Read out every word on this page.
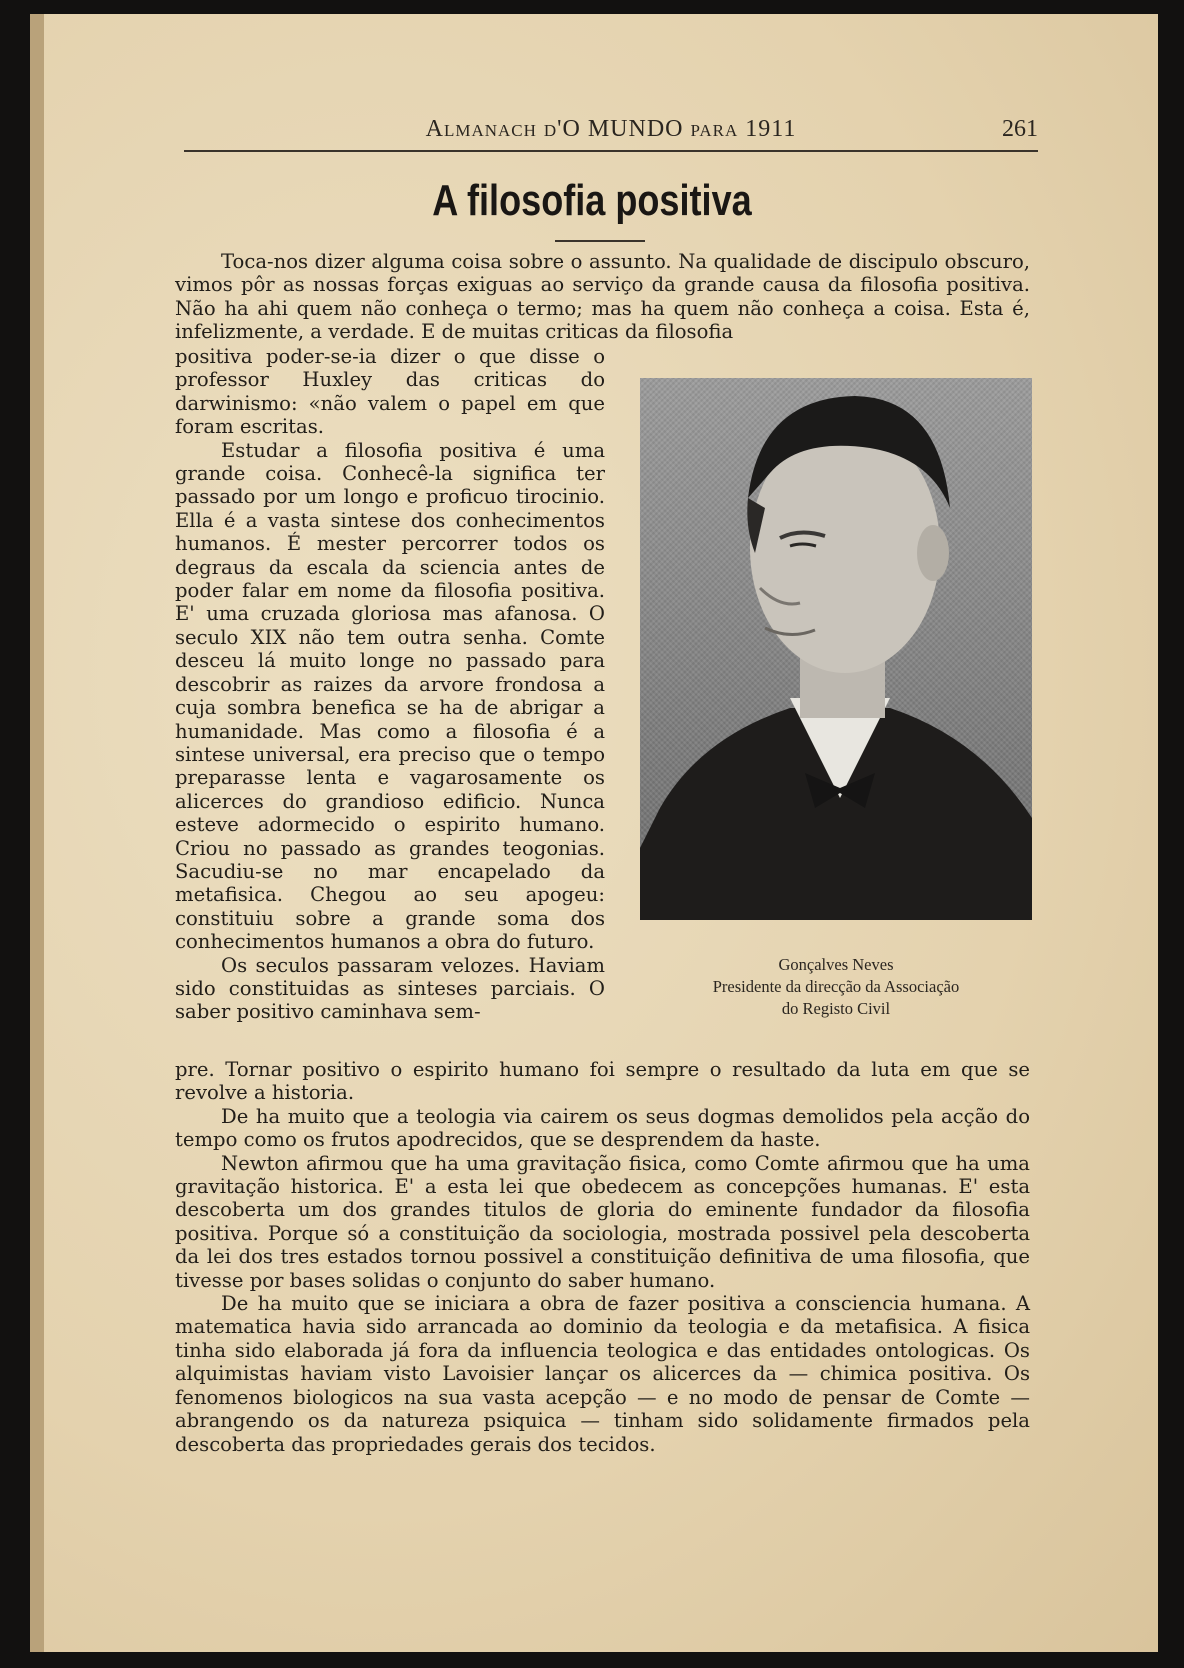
Almanach d'O MUNDO para 1911	261
A filosofia positiva

Toca-nos dizer alguma coisa sobre o assunto. Na qualidade de discipulo obscuro, vimos pôr as nossas forças exiguas ao serviço da grande causa da filosofia positiva. Não ha ahi quem não conheça o termo; mas ha quem não conheça a coisa. Esta é, infelizmente, a verdade. E de muitas criticas da filosofia

positiva poder-se-ia dizer o que disse o professor Huxley das criticas do darwinismo: «não valem o papel em que foram escritas.

Estudar a filosofia positiva é uma grande coisa. Conhecê-la significa ter passado por um longo e proficuo tirocinio. Ella é a vasta sintese dos conhecimentos humanos. É mester percorrer todos os degraus da escala da sciencia antes de poder falar em nome da filosofia positiva. E' uma cruzada gloriosa mas afanosa. O seculo XIX não tem outra senha. Comte desceu lá muito longe no passado para descobrir as raizes da arvore frondosa a cuja sombra benefica se ha de abrigar a humanidade. Mas como a filosofia é a sintese universal, era preciso que o tempo preparasse lenta e vagarosamente os alicerces do grandioso edificio. Nunca esteve adormecido o espirito humano. Criou no passado as grandes teogonias. Sacudiu-se no mar encapelado da metafisica. Chegou ao seu apogeu: constituiu sobre a grande soma dos conhecimentos humanos a obra do futuro.

Os seculos passaram velozes. Haviam sido constituidas as sinteses parciais. O saber positivo caminhava sem-

Gonçalves Neves
Presidente da direcção da Associação
do Registo Civil

pre. Tornar positivo o espirito humano foi sempre o resultado da luta em que se revolve a historia.

De ha muito que a teologia via cairem os seus dogmas demolidos pela acção do tempo como os frutos apodrecidos, que se desprendem da haste.

Newton afirmou que ha uma gravitação fisica, como Comte afirmou que ha uma gravitação historica. E' a esta lei que obedecem as concepções humanas. E' esta descoberta um dos grandes titulos de gloria do eminente fundador da filosofia positiva. Porque só a constituição da sociologia, mostrada possivel pela descoberta da lei dos tres estados tornou possivel a constituição definitiva de uma filosofia, que tivesse por bases solidas o conjunto do saber humano.

De ha muito que se iniciara a obra de fazer positiva a consciencia humana. A matematica havia sido arrancada ao dominio da teologia e da metafisica. A fisica tinha sido elaborada já fora da influencia teologica e das entidades ontologicas. Os alquimistas haviam visto Lavoisier lançar os alicerces da — chimica positiva. Os fenomenos biologicos na sua vasta acepção — e no modo de pensar de Comte — abrangendo os da natureza psiquica — tinham sido solidamente firmados pela descoberta das propriedades gerais dos tecidos.
